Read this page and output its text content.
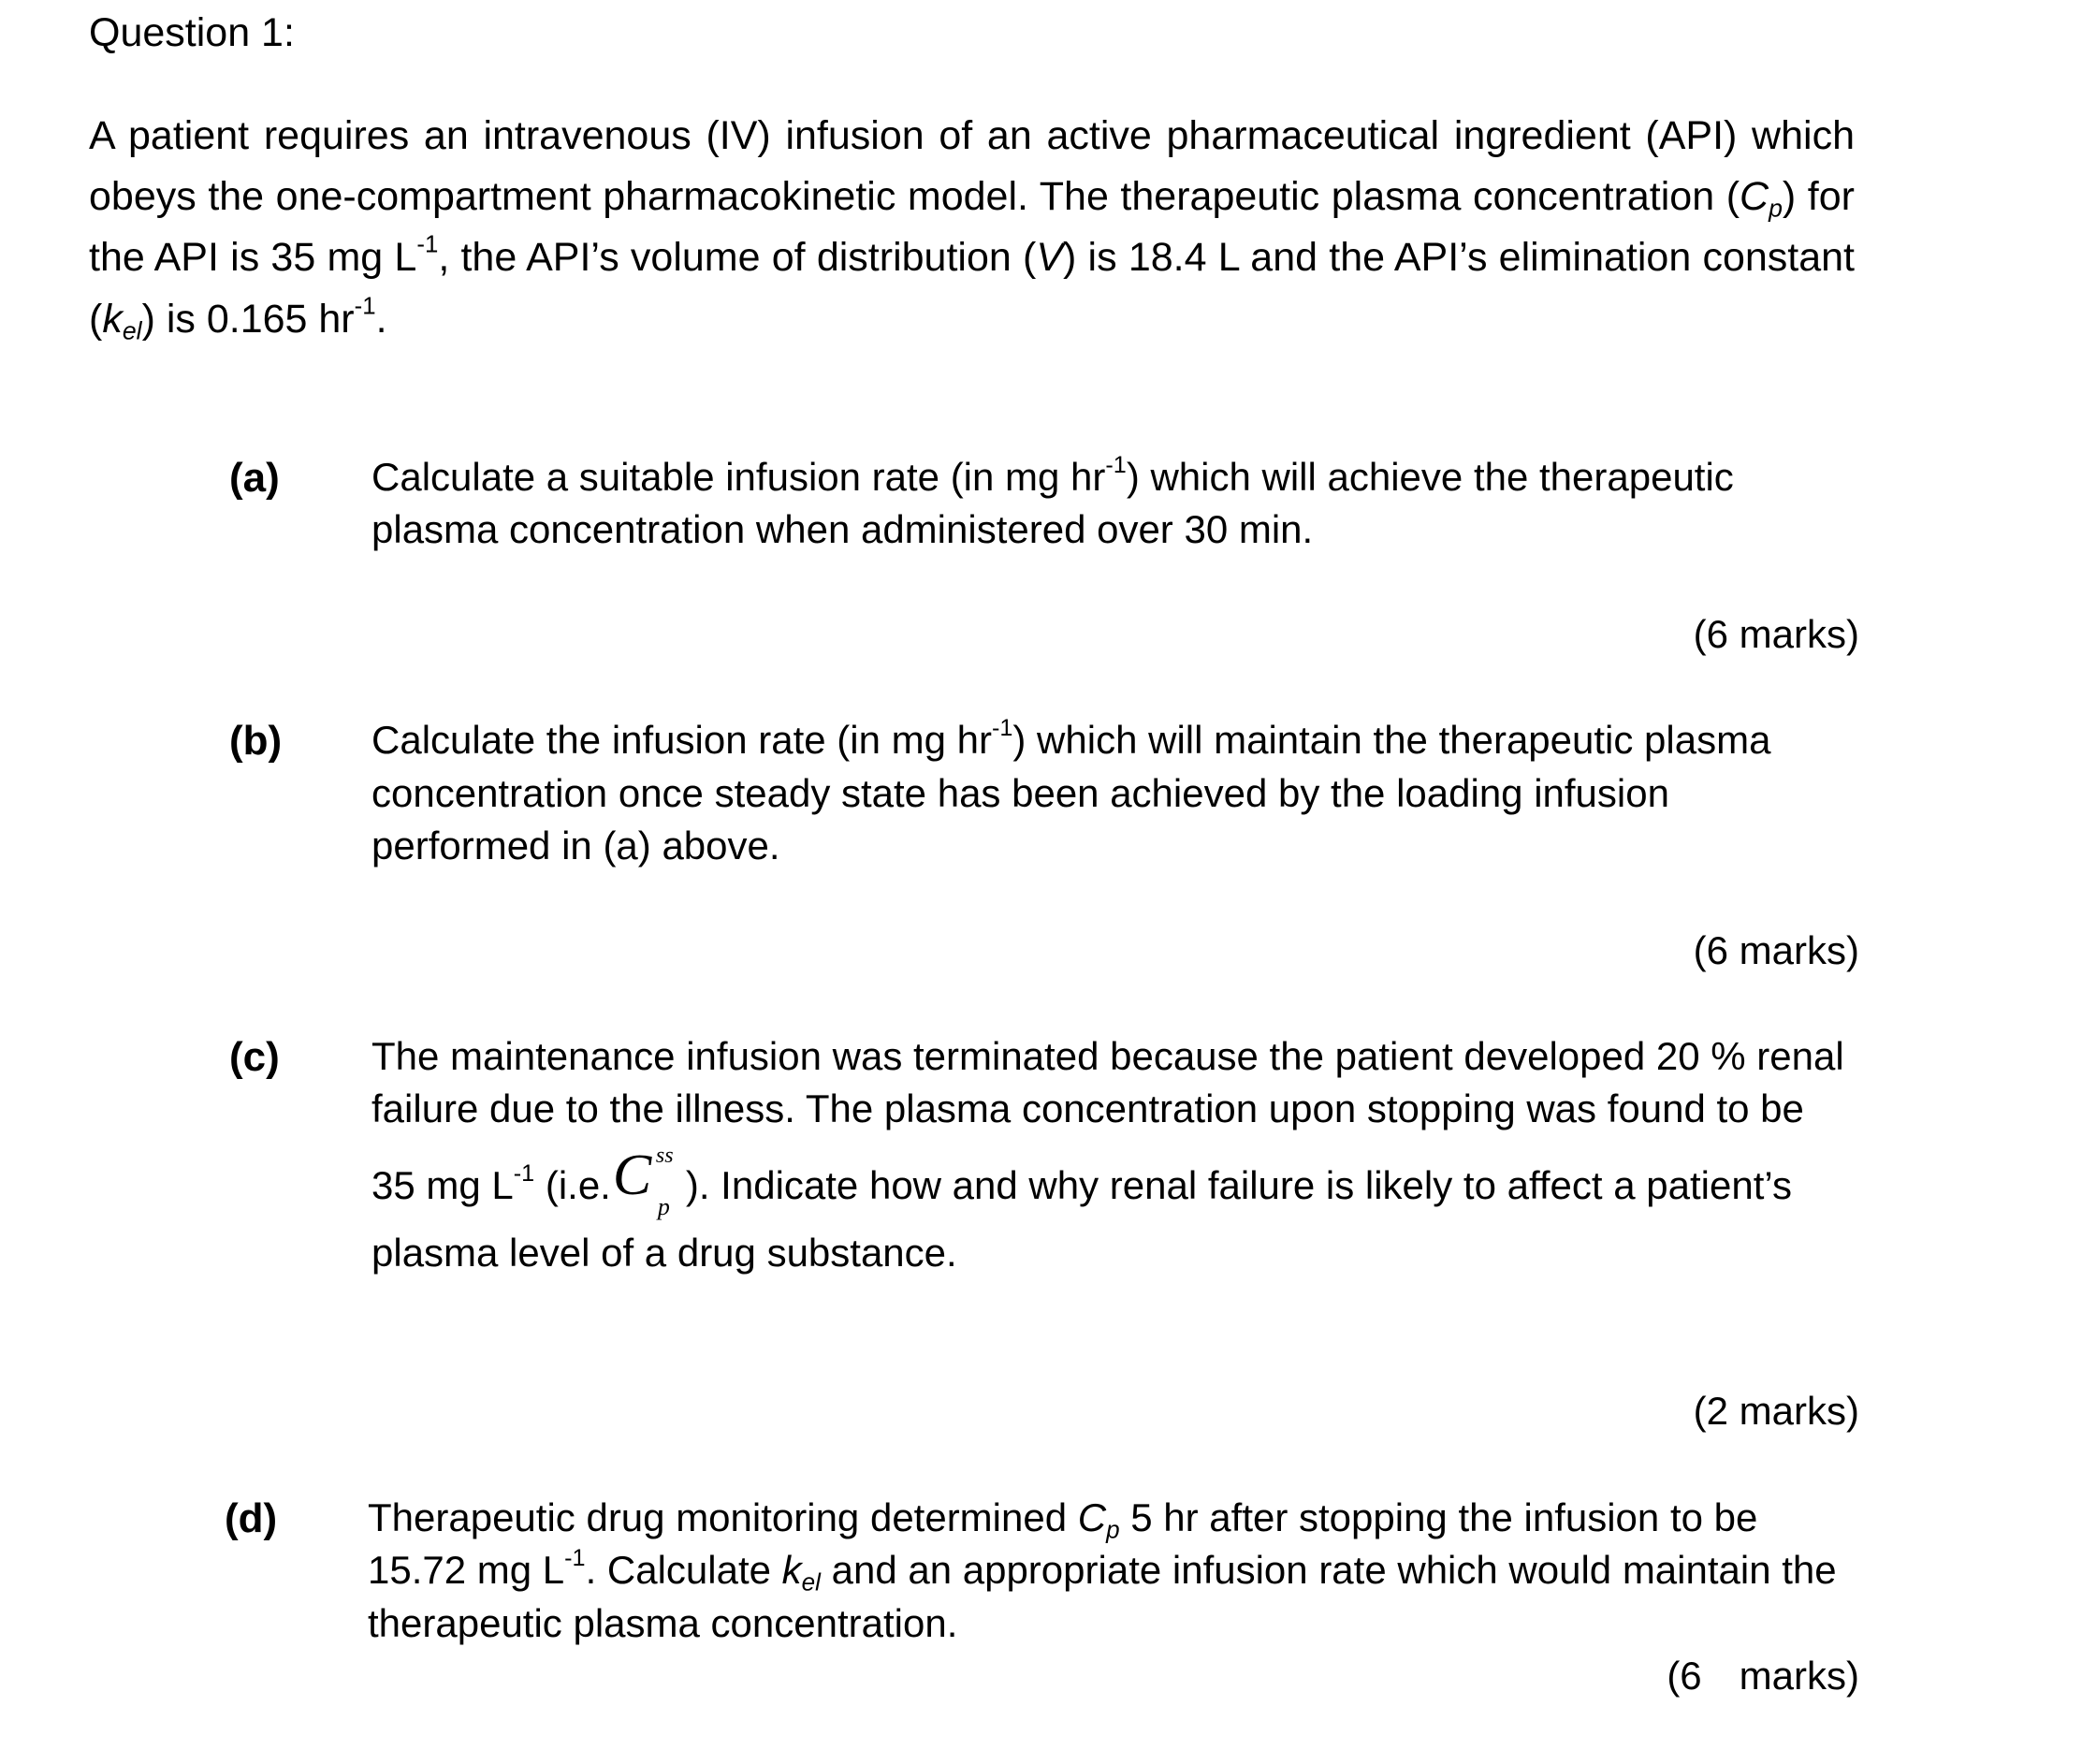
Question 1:
A patient requires an intravenous (IV) infusion of an active pharmaceutical ingredient (API) which
obeys the one-compartment pharmacokinetic model. The therapeutic plasma concentration $(C_p)$ for
the API is 35 mg $L^{-1}$, the API’s volume of distribution (V) is 18.4 L and the API’s elimination constant
$(k_{el})$ is 0.165 $hr^{-1}$.
(a) Calculate a suitable infusion rate (in mg $hr^{-1}$) which will achieve the therapeutic
plasma concentration when administered over 30 min.
(6 marks)
(b) Calculate the infusion rate (in mg $hr^{-1}$) which will maintain the therapeutic plasma
concentration once steady state has been achieved by the loading infusion
performed in (a) above.
(6 marks)
(c) The maintenance infusion was terminated because the patient developed 20 % renal
failure due to the illness. The plasma concentration upon stopping was found to be
35 mg $L^{-1}$ (i.e. C ss
p ). Indicate how and why renal failure is likely to affect a patient’s
plasma level of a drug substance.
(2 marks)
(d) Therapeutic drug monitoring determined $C_p$ 5 hr after stopping the infusion to be
15.72 mg $L^{-1}$. Calculate $k_{el}$ and an appropriate infusion rate which would maintain the
therapeutic plasma concentration.
(6 marks)
